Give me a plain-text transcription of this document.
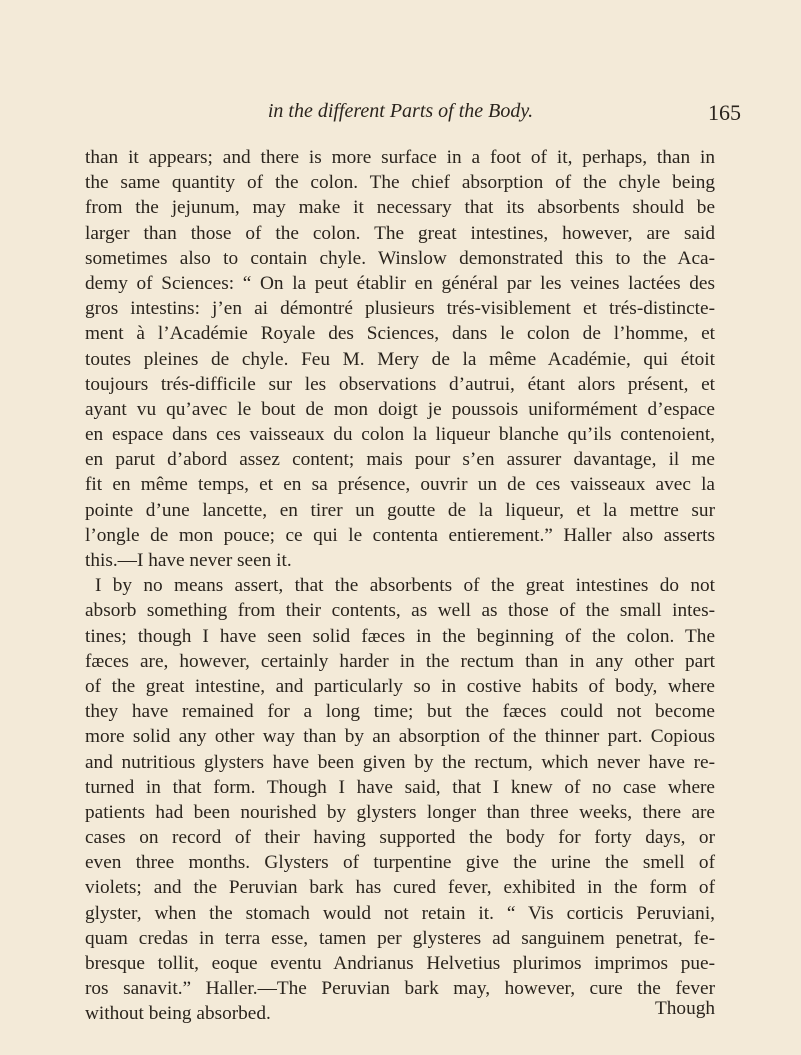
in the different Parts of the Body.	165
than it appears; and there is more surface in a foot of it, perhaps, than in
the same quantity of the colon. The chief absorption of the chyle being
from the jejunum, may make it necessary that its absorbents should be
larger than those of the colon. The great intestines, however, are said
sometimes also to contain chyle. Winslow demonstrated this to the Aca-
demy of Sciences: “ On la peut établir en général par les veines lactées des
gros intestins: j’en ai démontré plusieurs trés-visiblement et trés-distincte-
ment à l’Académie Royale des Sciences, dans le colon de l’homme, et
toutes pleines de chyle. Feu M. Mery de la même Académie, qui étoit
toujours trés-difficile sur les observations d’autrui, étant alors présent, et
ayant vu qu’avec le bout de mon doigt je poussois uniformément d’espace
en espace dans ces vaisseaux du colon la liqueur blanche qu’ils contenoient,
en parut d’abord assez content; mais pour s’en assurer davantage, il me
fit en même temps, et en sa présence, ouvrir un de ces vaisseaux avec la
pointe d’une lancette, en tirer un goutte de la liqueur, et la mettre sur
l’ongle de mon pouce; ce qui le contenta entierement.” Haller also asserts
this.—I have never seen it.
I by no means assert, that the absorbents of the great intestines do not
absorb something from their contents, as well as those of the small intes-
tines; though I have seen solid fæces in the beginning of the colon. The
fæces are, however, certainly harder in the rectum than in any other part
of the great intestine, and particularly so in costive habits of body, where
they have remained for a long time; but the fæces could not become
more solid any other way than by an absorption of the thinner part. Copious
and nutritious glysters have been given by the rectum, which never have re-
turned in that form. Though I have said, that I knew of no case where
patients had been nourished by glysters longer than three weeks, there are
cases on record of their having supported the body for forty days, or
even three months. Glysters of turpentine give the urine the smell of
violets; and the Peruvian bark has cured fever, exhibited in the form of
glyster, when the stomach would not retain it. “ Vis corticis Peruviani,
quam credas in terra esse, tamen per glysteres ad sanguinem penetrat, fe-
bresque tollit, eoque eventu Andrianus Helvetius plurimos imprimos pue-
ros sanavit.” Haller.—The Peruvian bark may, however, cure the fever
without being absorbed.	Though
